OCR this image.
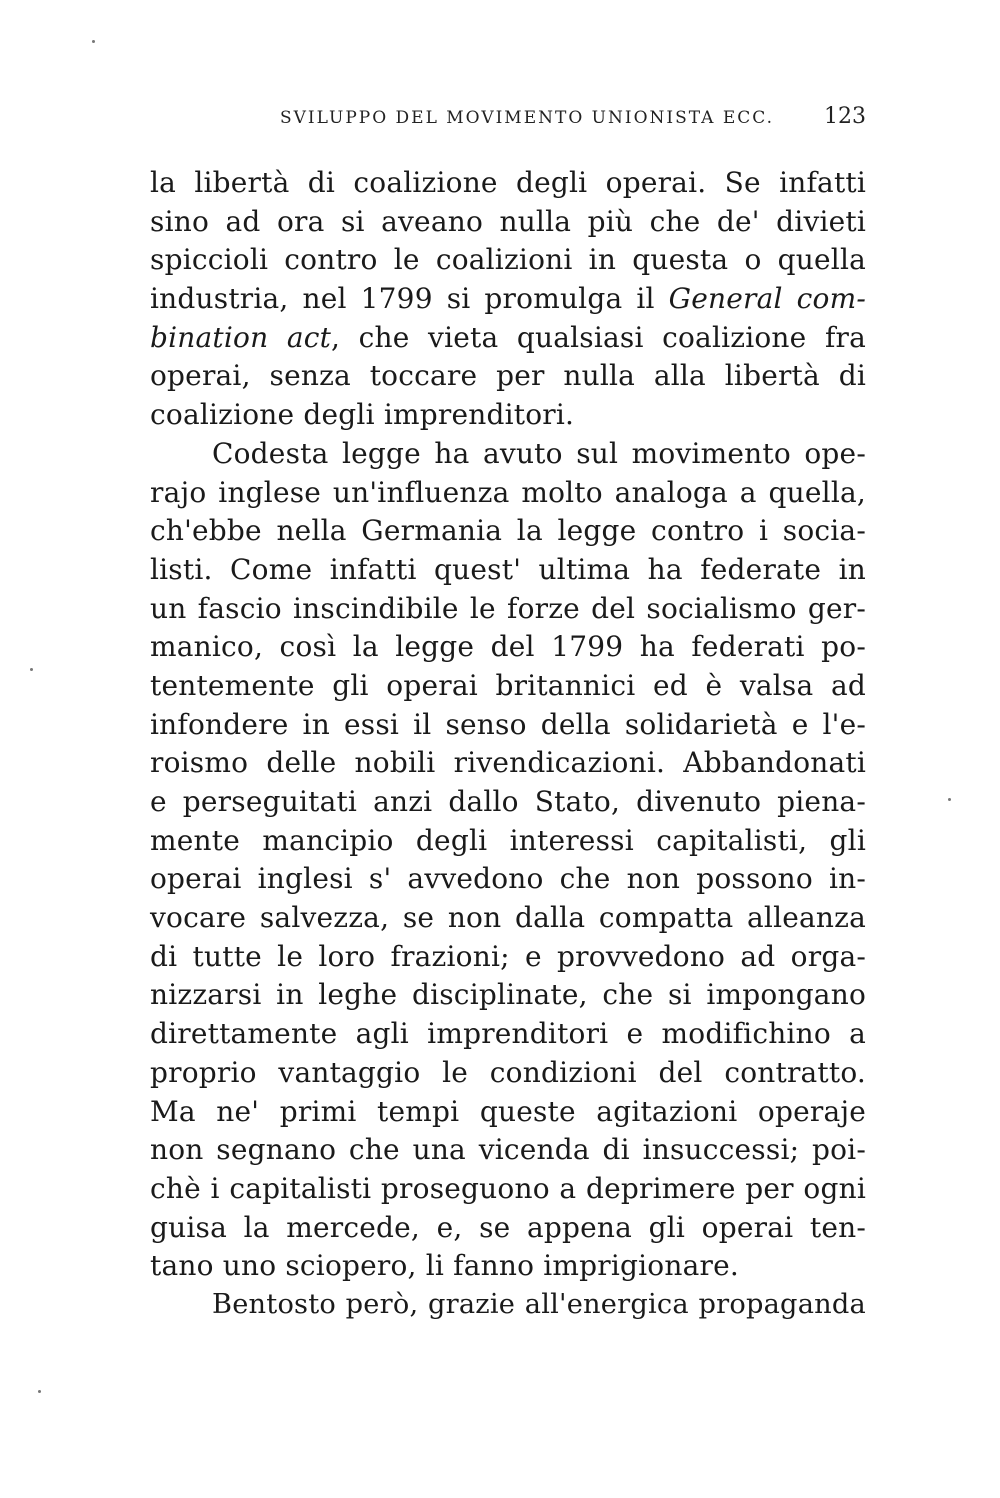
SVILUPPO DEL MOVIMENTO UNIONISTA ECC. 123
la libertà di coalizione degli operai. Se infatti
sino ad ora si aveano nulla più che de' divieti
spiccioli contro le coalizioni in questa o quella
industria, nel 1799 si promulga il General com-
bination act, che vieta qualsiasi coalizione fra
operai, senza toccare per nulla alla libertà di
coalizione degli imprenditori.
Codesta legge ha avuto sul movimento ope-
rajo inglese un'influenza molto analoga a quella,
ch'ebbe nella Germania la legge contro i socia-
listi. Come infatti quest' ultima ha federate in
un fascio inscindibile le forze del socialismo ger-
manico, così la legge del 1799 ha federati po-
tentemente gli operai britannici ed è valsa ad
infondere in essi il senso della solidarietà e l'e-
roismo delle nobili rivendicazioni. Abbandonati
e perseguitati anzi dallo Stato, divenuto piena-
mente mancipio degli interessi capitalisti, gli
operai inglesi s' avvedono che non possono in-
vocare salvezza, se non dalla compatta alleanza
di tutte le loro frazioni; e provvedono ad orga-
nizzarsi in leghe disciplinate, che si impongano
direttamente agli imprenditori e modifichino a
proprio vantaggio le condizioni del contratto.
Ma ne' primi tempi queste agitazioni operaje
non segnano che una vicenda di insuccessi; poi-
chè i capitalisti proseguono a deprimere per ogni
guisa la mercede, e, se appena gli operai ten-
tano uno sciopero, li fanno imprigionare.
Bentosto però, grazie all'energica propaganda
